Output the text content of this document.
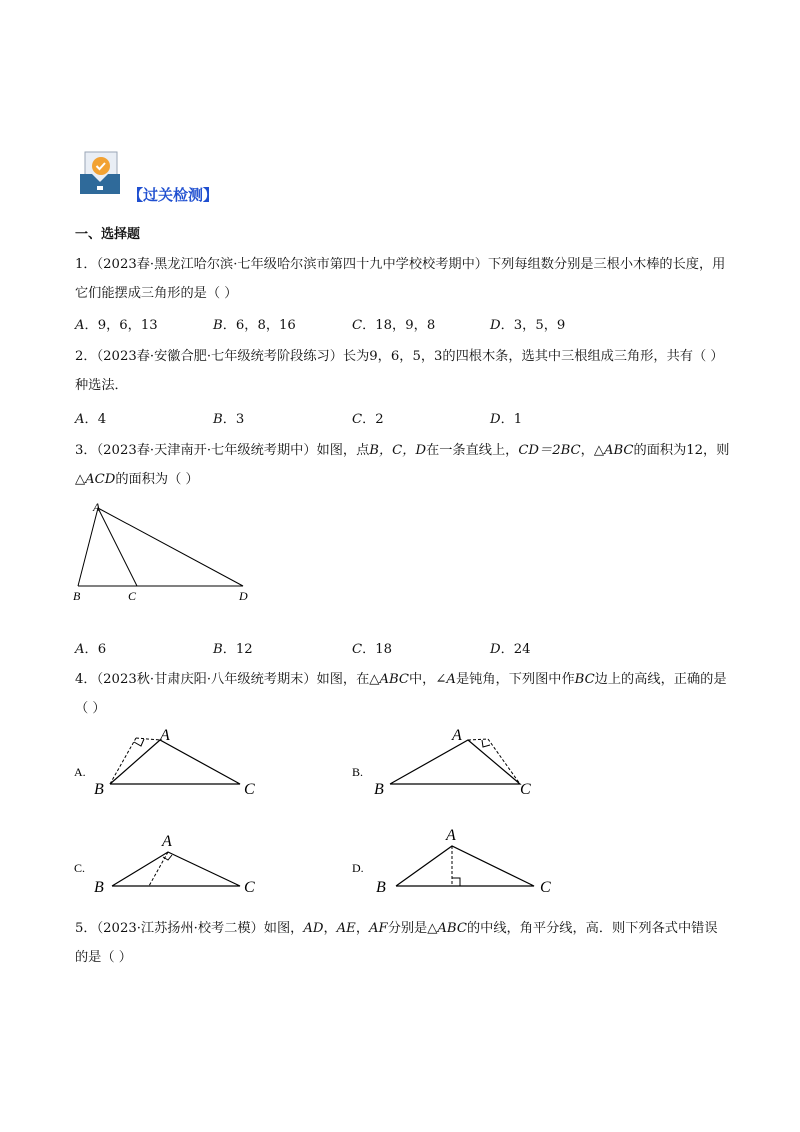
【过关检测】
一、选择题
1．（2023春·黑龙江哈尔滨·七年级哈尔滨市第四十九中学校校考期中）下列每组数分别是三根小木棒的长度，用它们能摆成三角形的是（ ）
A．9，6，13	B．6，8，16	C．18，9，8	D．3，5，9
2．（2023春·安徽合肥·七年级统考阶段练习）长为9，6，5，3的四根木条，选其中三根组成三角形，共有（ ）种选法．
A．4	B．3	C．2	D．1
3．（2023春·天津南开·七年级统考期中）如图，点B，C，D在一条直线上，CD＝2BC，△ABC的面积为12，则△ACD的面积为（ ）
A
B	C	D
A．6	B．12	C．18	D．24
4．（2023秋·甘肃庆阳·八年级统考期末）如图，在△ABC中，∠A是钝角，下列图中作BC边上的高线，正确的是（ ）
A.
A
B	C
B.
A
B	C
C.
A
B	C
D.
A
B	C
5．（2023·江苏扬州·校考二模）如图，AD，AE，AF分别是△ABC的中线，角平分线，高．则下列各式中错误的是（ ）
